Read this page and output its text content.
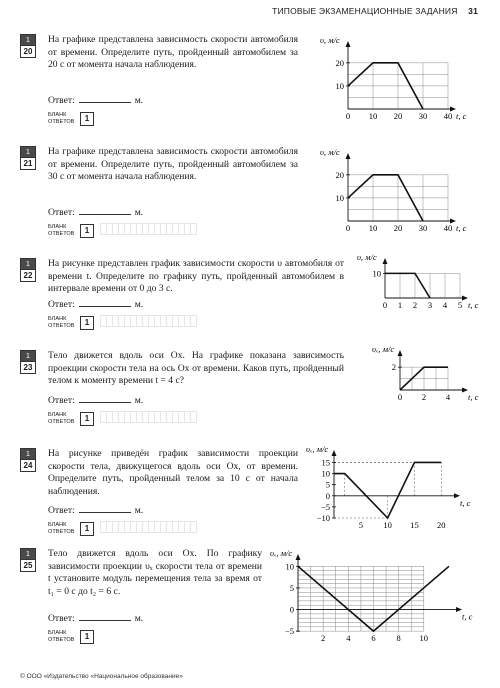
ТИПОВЫЕ ЭКЗАМЕНАЦИОННЫЕ ЗАДАНИЯ 31
1
20
На графике представлена зависимость скорости автомобиля от времени. Определите путь, пройденный автомобилем за 20 с от момента начала наблюдения.
Ответ:	м.
БЛАНК
ОТВЕТОВ 1
υ, м/с
t, с
0 10 20 30 40
10
20
1
21
На графике представлена зависимость скорости автомобиля от времени. Определите путь, пройденный автомобилем за 30 с от момента начала наблюдения.
Ответ:	м.
БЛАНК
ОТВЕТОВ 1
υ, м/с
t, с
0 10 20 30 40
10
20
1
22
На рисунке представлен график зависимости скорости υ автомобиля от времени t. Определите по графику путь, пройденный автомобилем в интервале времени от 0 до 3 с.
Ответ:	м.
БЛАНК
ОТВЕТОВ 1
υ, м/с
t, с
0 1 2 3 4 5
10
1
23
Тело движется вдоль оси Ox. На графике показана зависимость проекции скорости тела на ось Ox от времени. Каков путь, пройденный телом к моменту времени t = 4 с?
Ответ:	м.
БЛАНК
ОТВЕТОВ 1
υₓ, м/с
t, с
0 2 4
2
1
24
На рисунке приведён график зависимости проекции скорости тела, движущегося вдоль оси Ox, от времени. Определите путь, пройденный телом за 10 с от начала наблюдения.
Ответ:	м.
БЛАНК
ОТВЕТОВ 1
υₓ, м/с
t, с
5 10 15 20
15
10
5
0
−5
−10
1
25
Тело движется вдоль оси Ox. По графику зависимости проекции υₓ скорости тела от времени t установите модуль перемещения тела за время от t₁ = 0 с до t₂ = 6 с.
Ответ:	м.
БЛАНК
ОТВЕТОВ 1
υₓ, м/с
t, с
2 4 6 8 10
10
5
0
−5
© ООО «Издательство «Национальное образование»
